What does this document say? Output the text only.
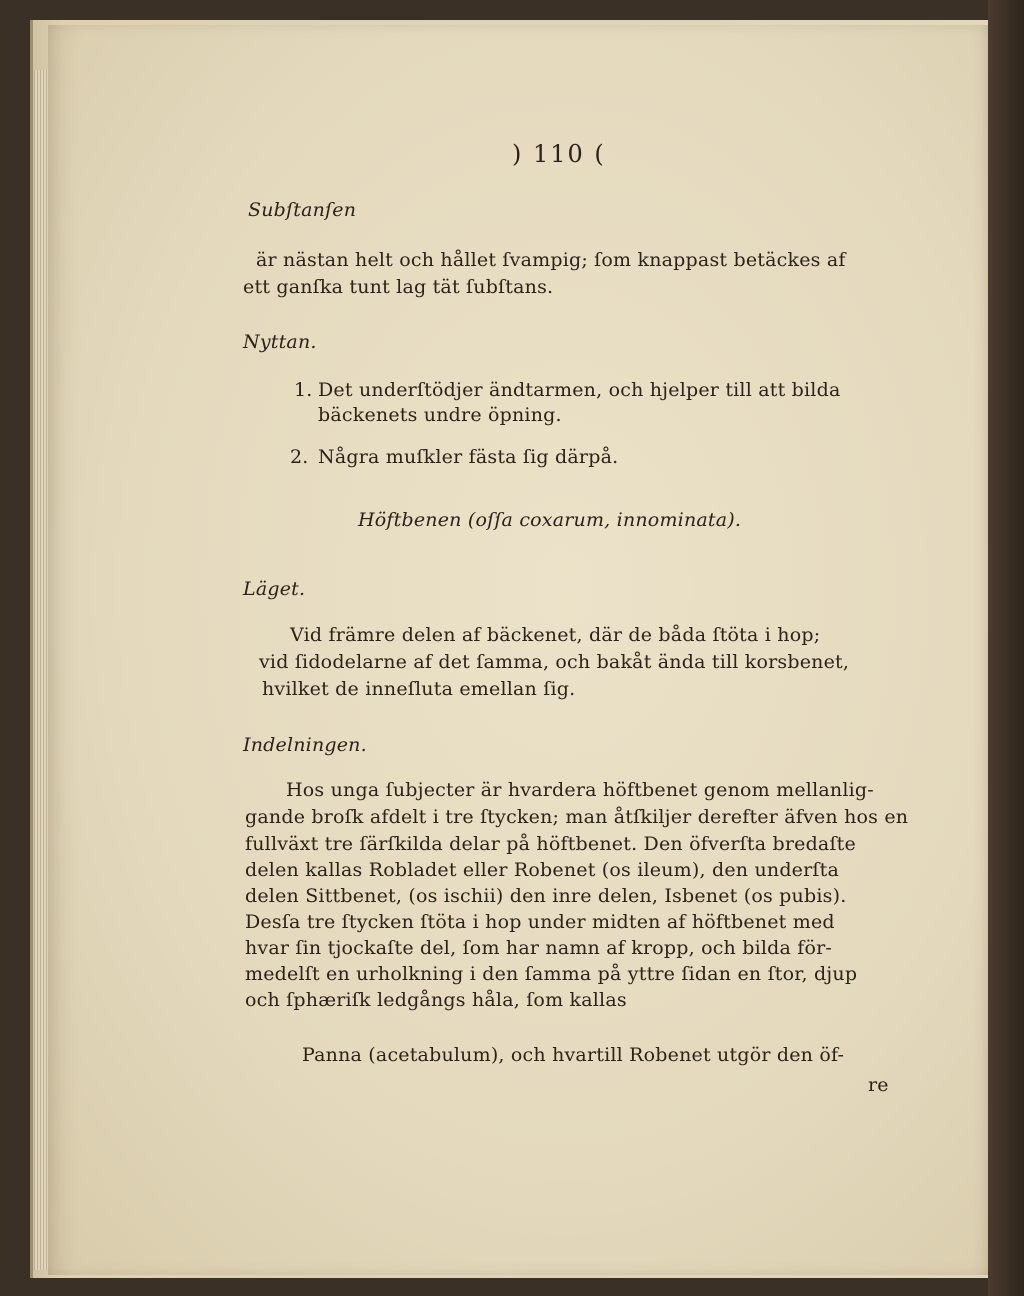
) 110 (
Subſtanſen
är nästan helt och hållet ſvampig; ſom knappast betäckes af
ett ganſka tunt lag tät ſubſtans.
Nyttan.
1. Det underſtödjer ändtarmen, och hjelper till att bilda
bäckenets undre öpning.
2. Några muſkler fästa ſig därpå.
Höftbenen (oſſa coxarum, innominata).
Läget.
Vid främre delen af bäckenet, där de båda ſtöta i hop;
vid ſidodelarne af det ſamma, och bakåt ända till korsbenet,
hvilket de inneſluta emellan ſig.
Indelningen.
Hos unga ſubjecter är hvardera höftbenet genom mellanlig-
gande broſk afdelt i tre ſtycken; man åtſkiljer derefter äfven hos en
fullväxt tre ſärſkilda delar på höftbenet. Den öfverſta bredaſte
delen kallas Robladet eller Robenet (os ileum), den underſta
delen Sittbenet, (os ischii) den inre delen, Isbenet (os pubis).
Desſa tre ſtycken ſtöta i hop under midten af höftbenet med
hvar ſin tjockaſte del, ſom har namn af kropp, och bilda för-
medelſt en urholkning i den ſamma på yttre ſidan en ſtor, djup
och ſphæriſk ledgångs håla, ſom kallas
Panna (acetabulum), och hvartill Robenet utgör den öf-
re
